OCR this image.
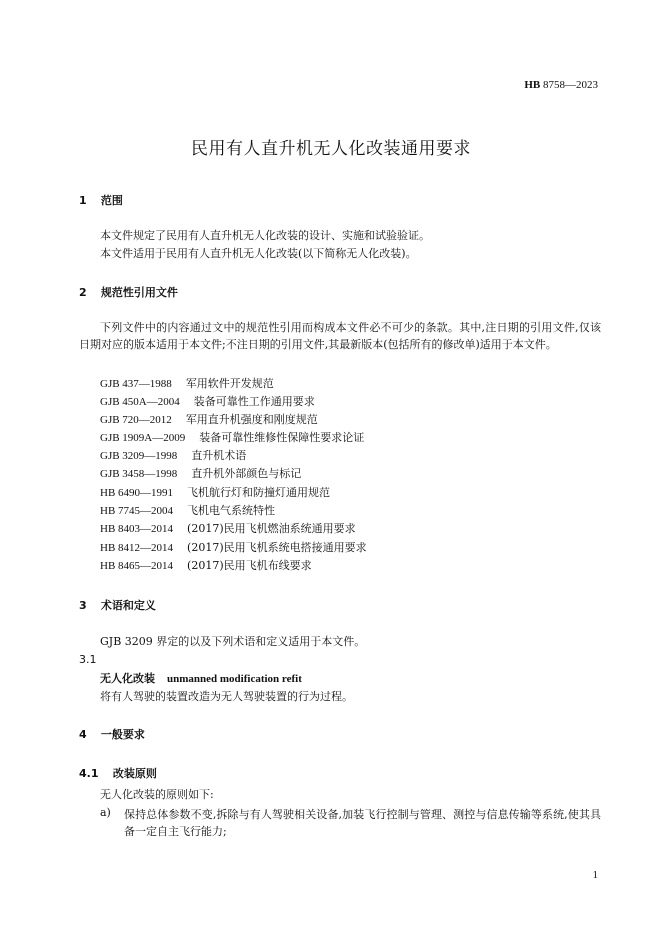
HB 8758—2023
民用有人直升机无人化改装通用要求
1 范围
本文件规定了民用有人直升机无人化改装的设计、实施和试验验证。
本文件适用于民用有人直升机无人化改装(以下简称无人化改装)。
2 规范性引用文件
下列文件中的内容通过文中的规范性引用而构成本文件必不可少的条款。其中,注日期的引用文件,仅该日期对应的版本适用于本文件;不注日期的引用文件,其最新版本(包括所有的修改单)适用于本文件。
GJB 437—1988 军用软件开发规范
GJB 450A—2004 装备可靠性工作通用要求
GJB 720—2012 军用直升机强度和刚度规范
GJB 1909A—2009 装备可靠性维修性保障性要求论证
GJB 3209—1998 直升机术语
GJB 3458—1998 直升机外部颜色与标记
HB 6490—1991 飞机航行灯和防撞灯通用规范
HB 7745—2004 飞机电气系统特性
HB 8403—2014 (2017)民用飞机燃油系统通用要求
HB 8412—2014 (2017)民用飞机系统电搭接通用要求
HB 8465—2014 (2017)民用飞机布线要求
3 术语和定义
GJB 3209 界定的以及下列术语和定义适用于本文件。
3.1
无人化改装 unmanned modification refit
将有人驾驶的装置改造为无人驾驶装置的行为过程。
4 一般要求
4.1 改装原则
无人化改装的原则如下:
a) 保持总体参数不变,拆除与有人驾驶相关设备,加装飞行控制与管理、测控与信息传输等系统,使其具备一定自主飞行能力;
1
